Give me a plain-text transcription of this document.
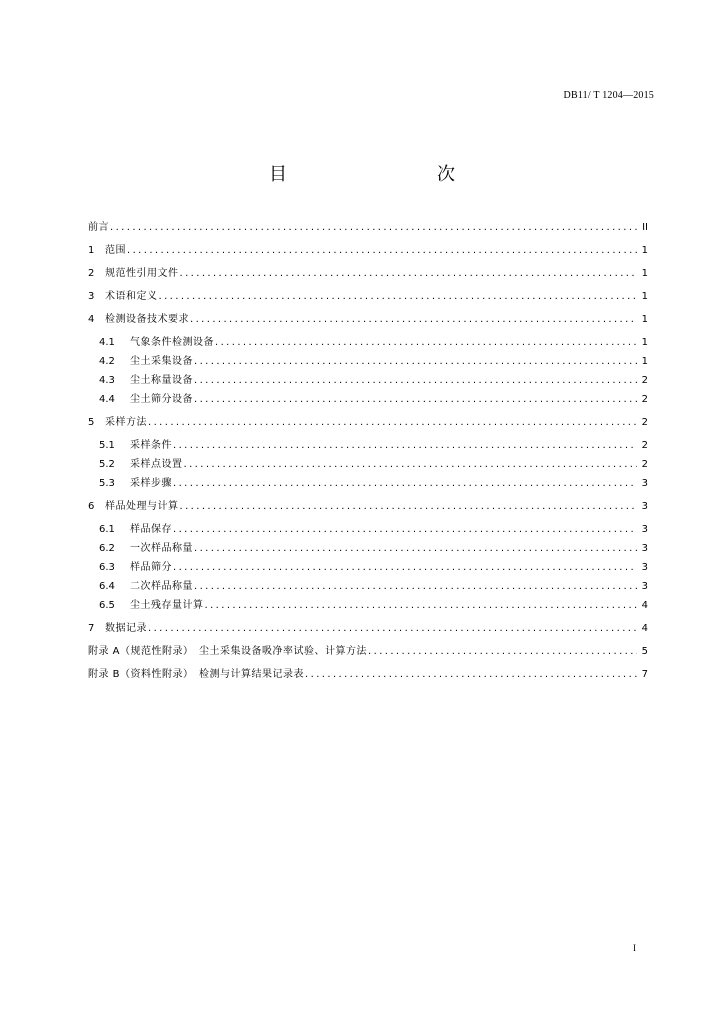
DB11/ T 1204—2015
目　　次
前言 .....	II
1	范围 .....	1
2	规范性引用文件 .....	1
3	术语和定义 .....	1
4	检测设备技术要求 .....	1
4.1	气象条件检测设备 .....	1
4.2	尘土采集设备 .....	1
4.3	尘土称量设备 .....	2
4.4	尘土筛分设备 .....	2
5	采样方法 .....	2
5.1	采样条件 .....	2
5.2	采样点设置 .....	2
5.3	采样步骤 .....	3
6	样品处理与计算 .....	3
6.1	样品保存 .....	3
6.2	一次样品称量 .....	3
6.3	样品筛分 .....	3
6.4	二次样品称量 .....	3
6.5	尘土残存量计算 .....	4
7	数据记录 .....	4
附录 A（规范性附录）　尘土采集设备吸净率试验、计算方法 .....	5
附录 B（资料性附录）　检测与计算结果记录表 .....	7
I
